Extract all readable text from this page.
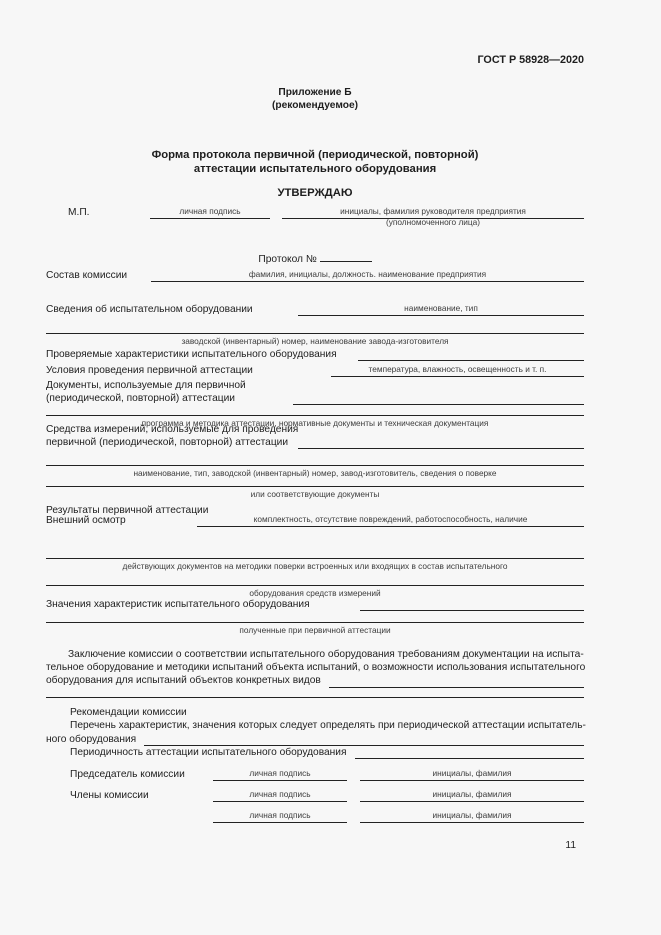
ГОСТ Р 58928—2020
Приложение Б
(рекомендуемое)
Форма протокола первичной (периодической, повторной)
аттестации испытательного оборудования
УТВЕРЖДАЮ
М.П.	личная подпись	инициалы, фамилия руководителя предприятия
(уполномоченного лица)
Протокол №
Состав комиссии	фамилия, инициалы, должность. наименование предприятия
Сведения об испытательном оборудовании	наименование, тип
заводской (инвентарный) номер, наименование завода-изготовителя
Проверяемые характеристики испытательного оборудования
Условия проведения первичной аттестации	температура, влажность, освещенность и т. п.
Документы, используемые для первичной
(периодической, повторной) аттестации
программа и методика аттестации, нормативные документы и техническая документация
Средства измерений, используемые для проведения
первичной (периодической, повторной) аттестации
наименование, тип, заводской (инвентарный) номер, завод-изготовитель, сведения о поверке
или соответствующие документы
Результаты первичной аттестации
Внешний осмотр	комплектность, отсутствие повреждений, работоспособность, наличие
действующих документов на методики поверки встроенных или входящих в состав испытательного
оборудования средств измерений
Значения характеристик испытательного оборудования
полученные при первичной аттестации
Заключение комиссии о соответствии испытательного оборудования требованиям документации на испыта-
тельное оборудование и методики испытаний объекта испытаний, о возможности использования испытательного
оборудования для испытаний объектов конкретных видов
Рекомендации комиссии
Перечень характеристик, значения которых следует определять при периодической аттестации испытатель-
ного оборудования
Периодичность аттестации испытательного оборудования
Председатель комиссии	личная подпись	инициалы, фамилия
Члены комиссии	личная подпись	инициалы, фамилия
личная подпись	инициалы, фамилия
11
